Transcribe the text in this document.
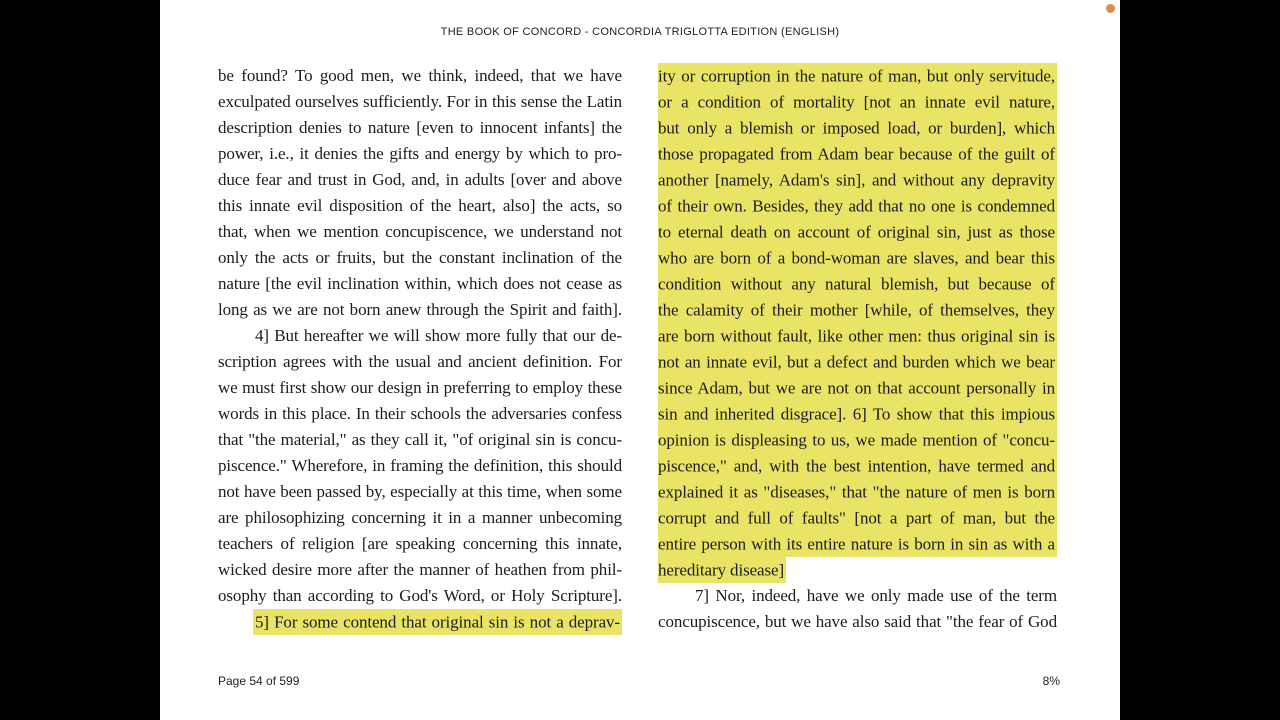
THE BOOK OF CONCORD - CONCORDIA TRIGLOTTA EDITION (ENGLISH)
be found? To good men, we think, indeed, that we have
exculpated ourselves sufficiently. For in this sense the Latin
description denies to nature [even to innocent infants] the
power, i.e., it denies the gifts and energy by which to pro-
duce fear and trust in God, and, in adults [over and above
this innate evil disposition of the heart, also] the acts, so
that, when we mention concupiscence, we understand not
only the acts or fruits, but the constant inclination of the
nature [the evil inclination within, which does not cease as
long as we are not born anew through the Spirit and faith].
4] But hereafter we will show more fully that our de-
scription agrees with the usual and ancient definition. For
we must first show our design in preferring to employ these
words in this place. In their schools the adversaries confess
that "the material," as they call it, "of original sin is concu-
piscence." Wherefore, in framing the definition, this should
not have been passed by, especially at this time, when some
are philosophizing concerning it in a manner unbecoming
teachers of religion [are speaking concerning this innate,
wicked desire more after the manner of heathen from phil-
osophy than according to God's Word, or Holy Scripture].
5] For some contend that original sin is not a deprav-
ity or corruption in the nature of man, but only servitude,
or a condition of mortality [not an innate evil nature,
but only a blemish or imposed load, or burden], which
those propagated from Adam bear because of the guilt of
another [namely, Adam's sin], and without any depravity
of their own. Besides, they add that no one is condemned
to eternal death on account of original sin, just as those
who are born of a bond-woman are slaves, and bear this
condition without any natural blemish, but because of
the calamity of their mother [while, of themselves, they
are born without fault, like other men: thus original sin is
not an innate evil, but a defect and burden which we bear
since Adam, but we are not on that account personally in
sin and inherited disgrace]. 6] To show that this impious
opinion is displeasing to us, we made mention of "concu-
piscence," and, with the best intention, have termed and
explained it as "diseases," that "the nature of men is born
corrupt and full of faults" [not a part of man, but the
entire person with its entire nature is born in sin as with a
hereditary disease]
7] Nor, indeed, have we only made use of the term
concupiscence, but we have also said that "the fear of God
Page 54 of 599	8%
